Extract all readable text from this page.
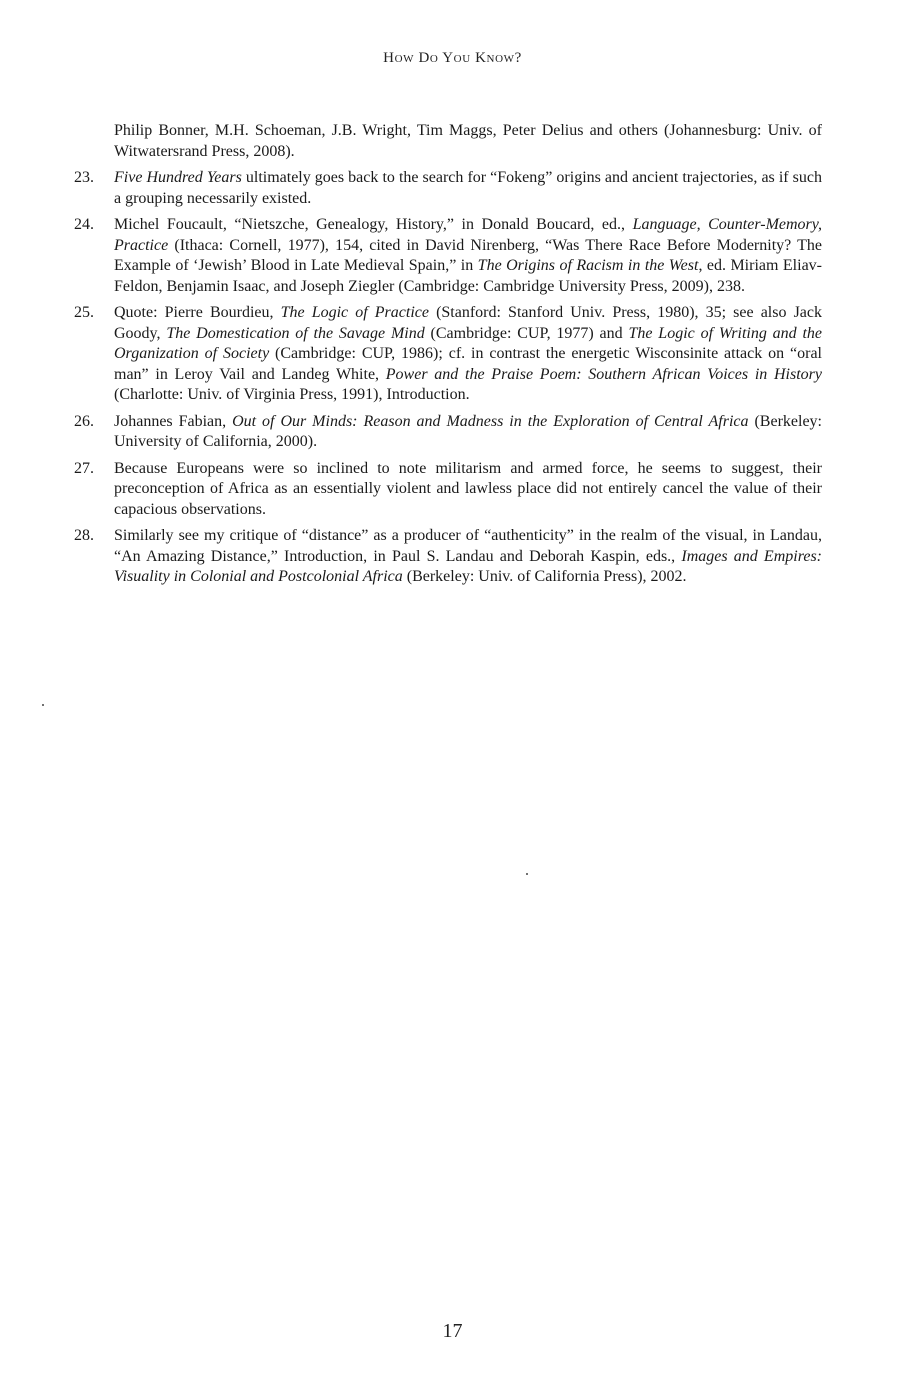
How Do You Know?
Philip Bonner, M.H. Schoeman, J.B. Wright, Tim Maggs, Peter Delius and others (Johannesburg: Univ. of Witwatersrand Press, 2008).
23.	Five Hundred Years ultimately goes back to the search for “Fokeng” origins and ancient trajectories, as if such a grouping necessarily existed.
24.	Michel Foucault, “Nietszche, Genealogy, History,” in Donald Boucard, ed., Language, Counter-Memory, Practice (Ithaca: Cornell, 1977), 154, cited in David Nirenberg, “Was There Race Before Modernity? The Example of ‘Jewish’ Blood in Late Medieval Spain,” in The Origins of Racism in the West, ed. Miriam Eliav-Feldon, Benjamin Isaac, and Joseph Ziegler (Cambridge: Cambridge University Press, 2009), 238.
25.	Quote: Pierre Bourdieu, The Logic of Practice (Stanford: Stanford Univ. Press, 1980), 35; see also Jack Goody, The Domestication of the Savage Mind (Cambridge: CUP, 1977) and The Logic of Writing and the Organization of Society (Cambridge: CUP, 1986); cf. in contrast the energetic Wisconsinite attack on “oral man” in Leroy Vail and Landeg White, Power and the Praise Poem: Southern African Voices in History (Charlotte: Univ. of Virginia Press, 1991), Introduction.
26.	Johannes Fabian, Out of Our Minds: Reason and Madness in the Exploration of Central Africa (Berkeley: University of California, 2000).
27.	Because Europeans were so inclined to note militarism and armed force, he seems to suggest, their preconception of Africa as an essentially violent and lawless place did not entirely cancel the value of their capacious observations.
28.	Similarly see my critique of “distance” as a producer of “authenticity” in the realm of the visual, in Landau, “An Amazing Distance,” Introduction, in Paul S. Landau and Deborah Kaspin, eds., Images and Empires: Visuality in Colonial and Postcolonial Africa (Berkeley: Univ. of California Press), 2002.
17
